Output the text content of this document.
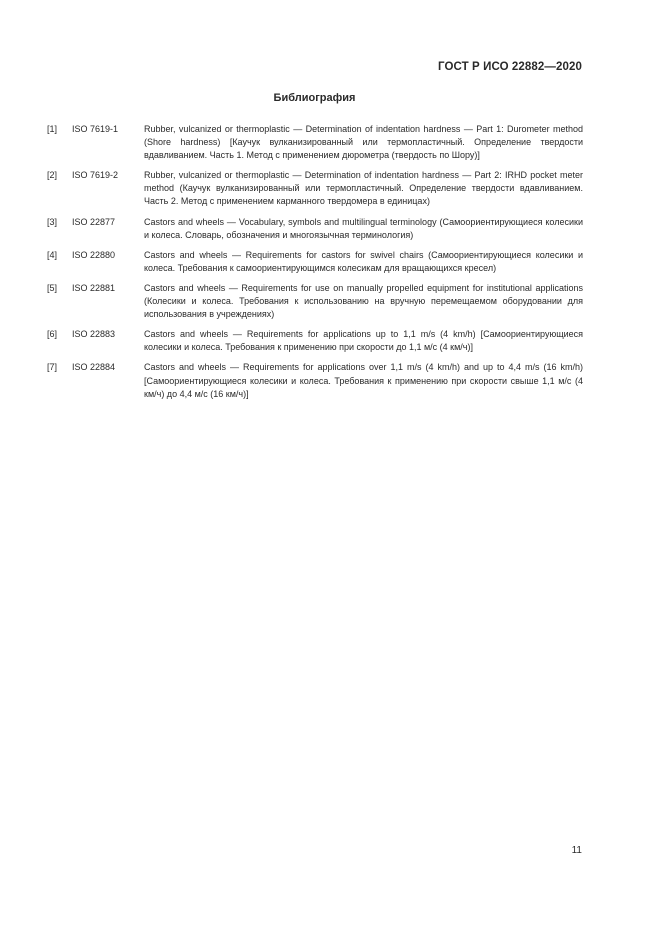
ГОСТ Р ИСО 22882—2020
Библиография
[1] ISO 7619-1	Rubber, vulcanized or thermoplastic — Determination of indentation hardness — Part 1: Durometer method (Shore hardness) [Каучук вулканизированный или термопластичный. Определение твердости вдавливанием. Часть 1. Метод с применением дюрометра (твердость по Шору)]
[2] ISO 7619-2	Rubber, vulcanized or thermoplastic — Determination of indentation hardness — Part 2: IRHD pocket meter method (Каучук вулканизированный или термопластичный. Определение твердости вдавливанием. Часть 2. Метод с применением карманного твердомера в единицах)
[3] ISO 22877	Castors and wheels — Vocabulary, symbols and multilingual terminology (Самоориентирующиеся колесики и колеса. Словарь, обозначения и многоязычная терминология)
[4] ISO 22880	Castors and wheels — Requirements for castors for swivel chairs (Самоориентирующиеся колесики и колеса. Требования к самоориентирующимся колесикам для вращающихся кресел)
[5] ISO 22881	Castors and wheels — Requirements for use on manually propelled equipment for institutional applications (Колесики и колеса. Требования к использованию на вручную перемещаемом оборудовании для использования в учреждениях)
[6] ISO 22883	Castors and wheels — Requirements for applications up to 1,1 m/s (4 km/h) [Самоориентирующиеся колесики и колеса. Требования к применению при скорости до 1,1 м/с (4 км/ч)]
[7] ISO 22884	Castors and wheels — Requirements for applications over 1,1 m/s (4 km/h) and up to 4,4 m/s (16 km/h) [Самоориентирующиеся колесики и колеса. Требования к применению при скорости свыше 1,1 м/с (4 км/ч) до 4,4 м/с (16 км/ч)]
11
